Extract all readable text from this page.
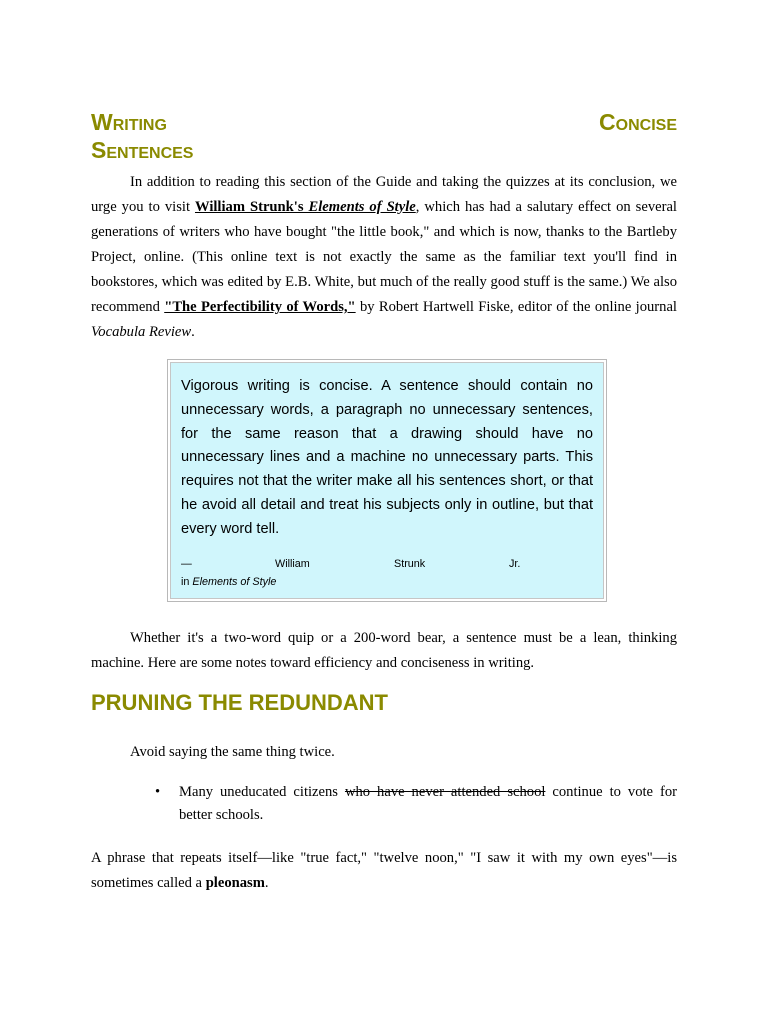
Writing	Concise
Sentences

In addition to reading this section of the Guide and taking the quizzes at its conclusion, we urge you to visit William Strunk's Elements of Style, which has had a salutary effect on several generations of writers who have bought "the little book," and which is now, thanks to the Bartleby Project, online. (This online text is not exactly the same as the familiar text you'll find in bookstores, which was edited by E.B. White, but much of the really good stuff is the same.) We also recommend "The Perfectibility of Words," by Robert Hartwell Fiske, editor of the online journal Vocabula Review.

Vigorous writing is concise. A sentence should contain no unnecessary words, a paragraph no unnecessary sentences, for the same reason that a drawing should have no unnecessary lines and a machine no unnecessary parts. This requires not that the writer make all his sentences short, or that he avoid all detail and treat his subjects only in outline, but that every word tell.

—	William	Strunk	Jr.
in Elements of Style

Whether it's a two-word quip or a 200-word bear, a sentence must be a lean, thinking machine. Here are some notes toward efficiency and conciseness in writing.

PRUNING THE REDUNDANT

Avoid saying the same thing twice.

• Many uneducated citizens who have never attended school continue to vote for better schools.

A phrase that repeats itself—like "true fact," "twelve noon," "I saw it with my own eyes"—is sometimes called a pleonasm.
